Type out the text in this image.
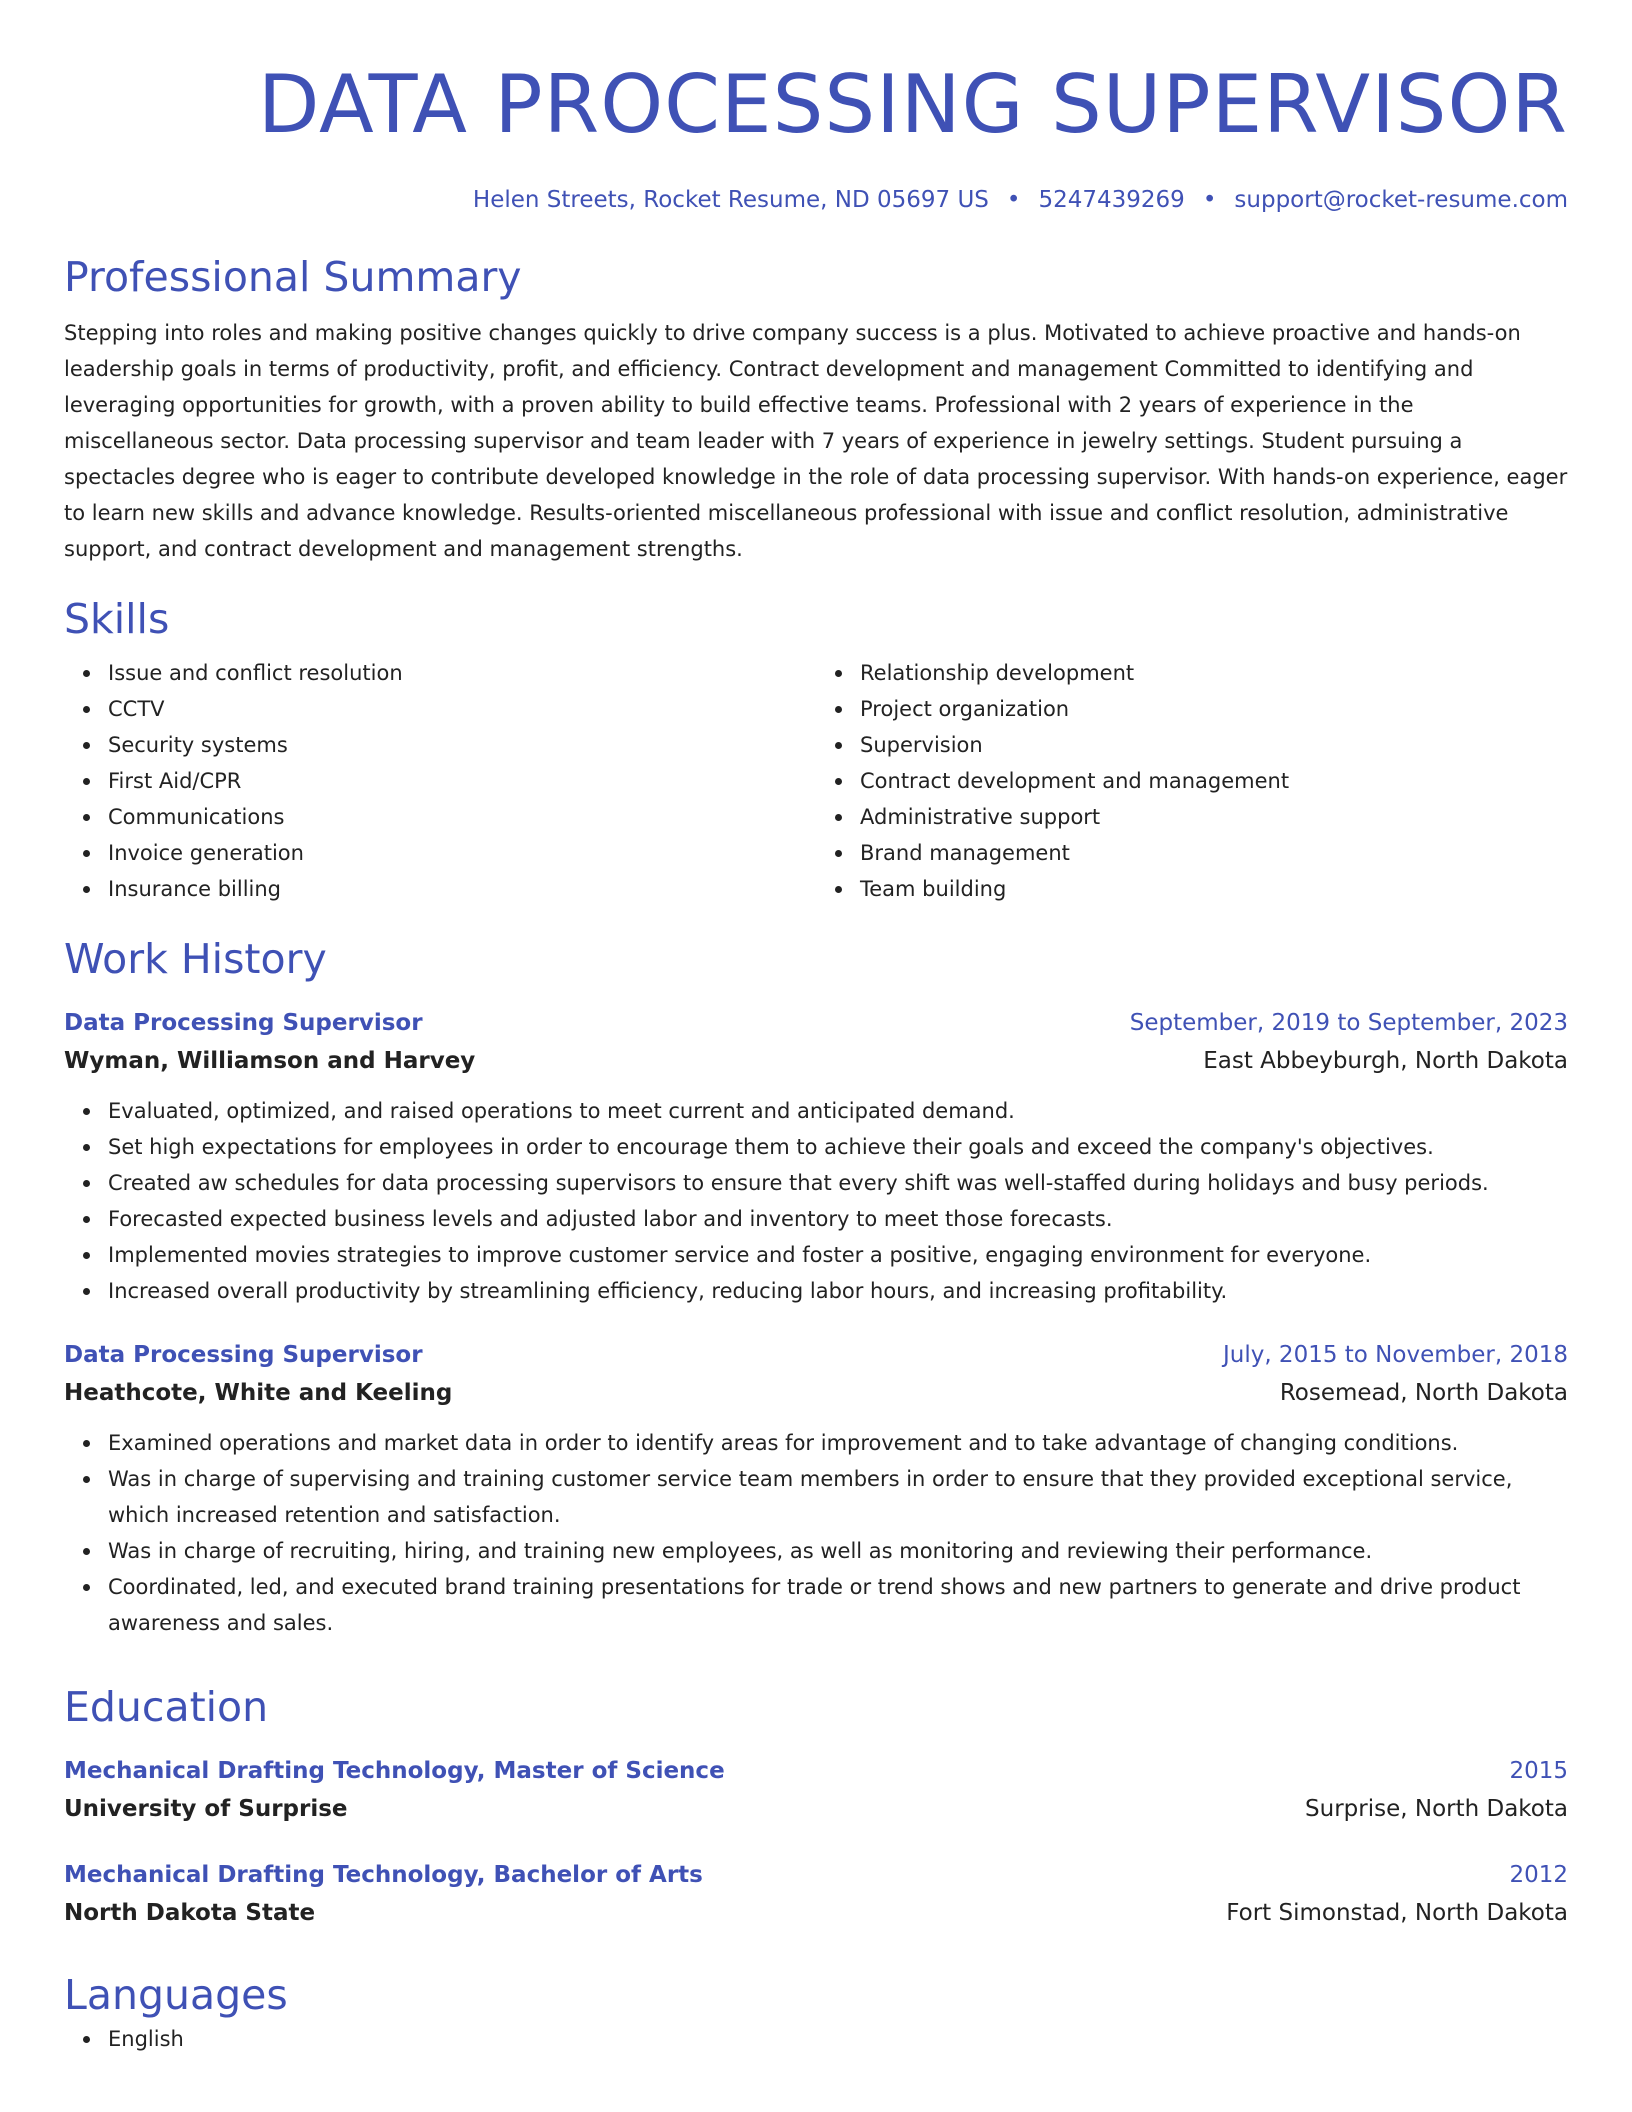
DATA PROCESSING SUPERVISOR
Helen Streets, Rocket Resume, ND 05697 US • 5247439269 • support@rocket-resume.com
Professional Summary

Stepping into roles and making positive changes quickly to drive company success is a plus. Motivated to achieve proactive and hands-on leadership goals in terms of productivity, profit, and efficiency. Contract development and management Committed to identifying and leveraging opportunities for growth, with a proven ability to build effective teams. Professional with 2 years of experience in the miscellaneous sector. Data processing supervisor and team leader with 7 years of experience in jewelry settings. Student pursuing a spectacles degree who is eager to contribute developed knowledge in the role of data processing supervisor. With hands-on experience, eager to learn new skills and advance knowledge. Results-oriented miscellaneous professional with issue and conflict resolution, administrative support, and contract development and management strengths.

Skills
Issue and conflict resolution
CCTV
Security systems
First Aid/CPR
Communications
Invoice generation
Insurance billing
Relationship development
Project organization
Supervision
Contract development and management
Administrative support
Brand management
Team building
Work History
Data Processing Supervisor	September, 2019 to September, 2023
Wyman, Williamson and Harvey	East Abbeyburgh, North Dakota
Evaluated, optimized, and raised operations to meet current and anticipated demand.
Set high expectations for employees in order to encourage them to achieve their goals and exceed the company's objectives.
Created aw schedules for data processing supervisors to ensure that every shift was well-staffed during holidays and busy periods.
Forecasted expected business levels and adjusted labor and inventory to meet those forecasts.
Implemented movies strategies to improve customer service and foster a positive, engaging environment for everyone.
Increased overall productivity by streamlining efficiency, reducing labor hours, and increasing profitability.
Data Processing Supervisor	July, 2015 to November, 2018
Heathcote, White and Keeling	Rosemead, North Dakota
Examined operations and market data in order to identify areas for improvement and to take advantage of changing conditions.
Was in charge of supervising and training customer service team members in order to ensure that they provided exceptional service, which increased retention and satisfaction.
Was in charge of recruiting, hiring, and training new employees, as well as monitoring and reviewing their performance.
Coordinated, led, and executed brand training presentations for trade or trend shows and new partners to generate and drive product awareness and sales.
Education
Mechanical Drafting Technology, Master of Science	2015
University of Surprise	Surprise, North Dakota
Mechanical Drafting Technology, Bachelor of Arts	2012
North Dakota State	Fort Simonstad, North Dakota
Languages
English
